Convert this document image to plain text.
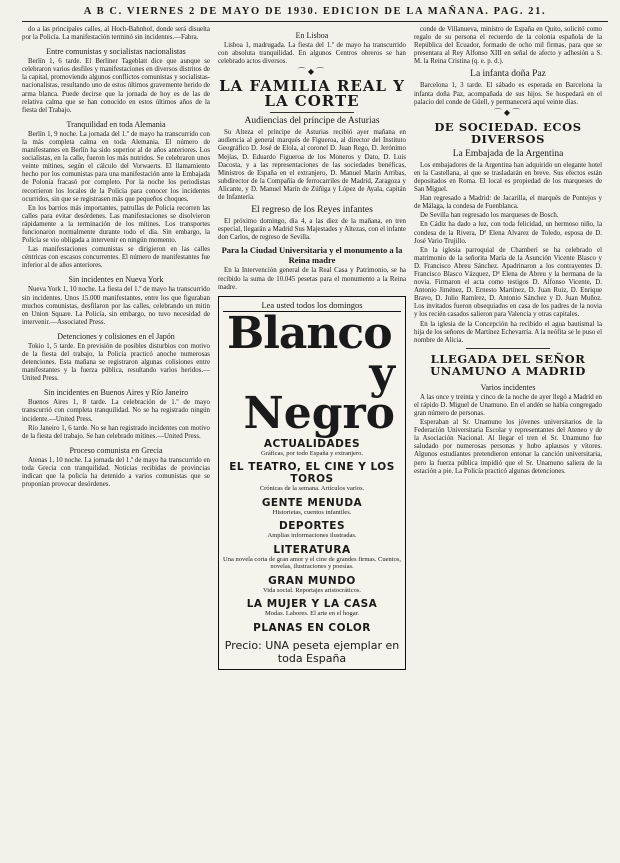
A B C. VIERNES 2 DE MAYO DE 1930. EDICION DE LA MAÑANA. PAG. 21.

do a las principales calles, al Hoch-Bahnhof, donde será disuelta por la Policía. La manifestación terminó sin incidentes.—Fabra.

Entre comunistas y socialistas nacionalistas

Berlín 1, 6 tarde. El Berliner Tageblatt dice que aunque se celebraron varios desfiles y manifestaciones en diversos distritos de la capital, promoviendo algunos conflictos comunistas y socialistas-nacionalistas, resultando uno de estos últimos gravemente herido de arma blanca. Puede decirse que la jornada de hoy es de las de relativa calma que se han conocido en estos últimos años de la fiesta del Trabajo.

Tranquilidad en toda Alemania

Berlín 1, 9 noche. La jornada del 1.º de mayo ha transcurrido con la más completa calma en toda Alemania. El número de manifestantes en Berlín ha sido superior al de años anteriores. Los socialistas, en la calle, fueron los más nutridos. Se celebraron unos veinte mítines, según el cálculo del Vorwaerts. El llamamiento hecho por los comunistas para una manifestación ante la Embajada de Polonia fracasó por completo. Por la noche los periodistas recorrieron los locales de la Policía para conocer los incidentes ocurridos, sin que se registrasen más que pequeños choques.

En los barrios más importantes, patrullas de Policía recorren las calles para evitar desórdenes. Las manifestaciones se disolvieron rápidamente a la terminación de los mítines. Los transportes funcionaron normalmente durante todo el día. Sin embargo, la Policía se vio obligada a intervenir en ningún momento.

Las manifestaciones comunistas se dirigieron en las calles céntricas con escasos concurrentes. El número de manifestantes fue inferior al de años anteriores.

Sin incidentes en Nueva York

Nueva York 1, 10 noche. La fiesta del 1.º de mayo ha transcurrido sin incidentes. Unos 15.000 manifestantes, entre los que figuraban muchos comunistas, desfilaron por las calles, celebrando un mitin en Union Square. La Policía, sin embargo, no tuvo necesidad de intervenir.—Associated Press.

Detenciones y colisiones en el Japón

Tokio 1, 5 tarde. En previsión de posibles disturbios con motivo de la fiesta del trabajo, la Policía practicó anoche numerosas detenciones. Esta mañana se registraron algunas colisiones entre manifestantes y la fuerza pública, resultando varios heridos.—United Press.

Sin incidentes en Buenos Aires y Río Janeiro

Buenos Aires 1, 8 tarde. La celebración de 1.º de mayo transcurrió con completa tranquilidad. No se ha registrado ningún incidente.—United Press.

Río Janeiro 1, 6 tarde. No se han registrado incidentes con motivo de la fiesta del trabajo. Se han celebrado mítines.—United Press.

Proceso comunista en Grecia

Atenas 1, 10 noche. La jornada del 1.º de mayo ha transcurrido en toda Grecia con tranquilidad. Noticias recibidas de provincias indican que la policía ha detenido a varios comunistas que se proponían provocar desórdenes.

En Lisboa

Lisboa 1, madrugada. La fiesta del 1.º de mayo ha transcurrido con absoluta tranquilidad. En algunos Centros obreros se han celebrado actos diversos.

⌒◆⌒
LA FAMILIA REAL Y LA CORTE
Audiencias del príncipe de Asturias

Su Alteza el príncipe de Asturias recibió ayer mañana en audiencia al general marqués de Figueroa, al director del Instituto Geográfico D. José de Elola, al coronel D. Juan Rego, D. Jerónimo Mejías, D. Eduardo Figueroa de los Moneros y Dato, D. Luis Dacosta, y a las representaciones de las sociedades benéficas, Ministros de España en el extranjero, D. Manuel Marín Arribas, subdirector de la Compañía de ferrocarriles de Madrid, Zaragoza y Alicante, y D. Manuel Marín de Zúñiga y López de Ayala, capitán de Infantería.

El regreso de los Reyes infantes

El próximo domingo, día 4, a las diez de la mañana, en tren especial, llegarán a Madrid Sus Majestades y Altezas, con el infante don Carlos, de regreso de Sevilla.

Para la Ciudad Universitaria y el monumento a la Reina madre

En la Intervención general de la Real Casa y Patrimonio, se ha recibido la suma de 10.045 pesetas para el monumento a la Reina madre.

Lea usted todos los domingos
Blanco
y Negro
ACTUALIDADES
Gráficas, por todo España y extranjero.
EL TEATRO, EL CINE Y LOS TOROS
Crónicas de la semana. Artículos varios.
GENTE MENUDA
Historietas, cuentos infantiles.
DEPORTES
Amplias informaciones ilustradas.
LITERATURA
Una novela corta de gran amor y el cine de grandes firmas. Cuentos, novelas, ilustraciones y poesías.
GRAN MUNDO
Vida social. Reportajes aristocráticos.
LA MUJER Y LA CASA
Modas. Labores. El arte en el hogar.
PLANAS EN COLOR
Precio: UNA peseta ejemplar en toda España

conde de Villanueva, ministro de España en Quito, solicitó como regalo de su persona el recuerdo de la colonia española de la República del Ecuador, formado de ocho mil firmas, para que se presentara al Rey Alfonso XIII en señal de afecto y adhesión a S. M. la Reina Cristina (q. e. p. d.).

La infanta doña Paz

Barcelona 1, 3 tarde. El sábado es esperada en Barcelona la infanta doña Paz, acompañada de sus hijos. Se hospedará en el palacio del conde de Güell, y permanecerá aquí veinte días.

⌒◆⌒
DE SOCIEDAD. ECOS DIVERSOS
La Embajada de la Argentina

Los embajadores de la Argentina han adquirido un elegante hotel en la Castellana, al que se trasladarán en breve. Sus efectos están depositados en Roma. El local es propiedad de los marqueses de San Miguel.

Han regresado a Madrid: de Jacarilla, el marqués de Pontejos y de Málaga, la condesa de Fuenblanca.

De Sevilla han regresado los marqueses de Bosch.

En Cádiz ha dado a luz, con toda felicidad, un hermoso niño, la condesa de la Rivera, Dª Elena Alvarez de Toledo, esposa de D. José Vario Trujillo.

En la iglesia parroquial de Chamberí se ha celebrado el matrimonio de la señorita María de la Asunción Vicente Blasco y D. Francisco Abreu Sánchez. Apadrinaron a los contrayentes D. Francisco Blasco Vázquez, Dª Elena de Abreu y la hermana de la novia. Firmaron el acta como testigos D. Alfonso Vicente, D. Antonio Jiménez, D. Ernesto Martínez, D. Juan Ruiz, D. Enrique Bravo, D. Julio Ramírez, D. Antonio Sánchez y D. Juan Muñoz. Los invitados fueron obsequiados en casa de los padres de la novia y los recién casados salieron para Valencia y otras capitales.

En la iglesia de la Concepción ha recibido el agua bautismal la hija de los señores de Martínez Echevarría. A la neófita se le puso el nombre de Alicia.

LLEGADA DEL SEÑOR UNAMUNO A MADRID
Varios incidentes

A las once y treinta y cinco de la noche de ayer llegó a Madrid en el rápido D. Miguel de Unamuno. En el andén se había congregado gran número de personas.

Esperaban al Sr. Unamuno los jóvenes universitarios de la Federación Universitaria Escolar y representantes del Ateneo y de la Asociación Nacional. Al llegar el tren el Sr. Unamuno fue saludado por numerosas personas y hubo aplausos y vítores. Algunos estudiantes pretendieron entonar la canción universitaria, pero la fuerza pública impidió que el Sr. Unamuno saliera de la estación a pie. La Policía practicó algunas detenciones.
